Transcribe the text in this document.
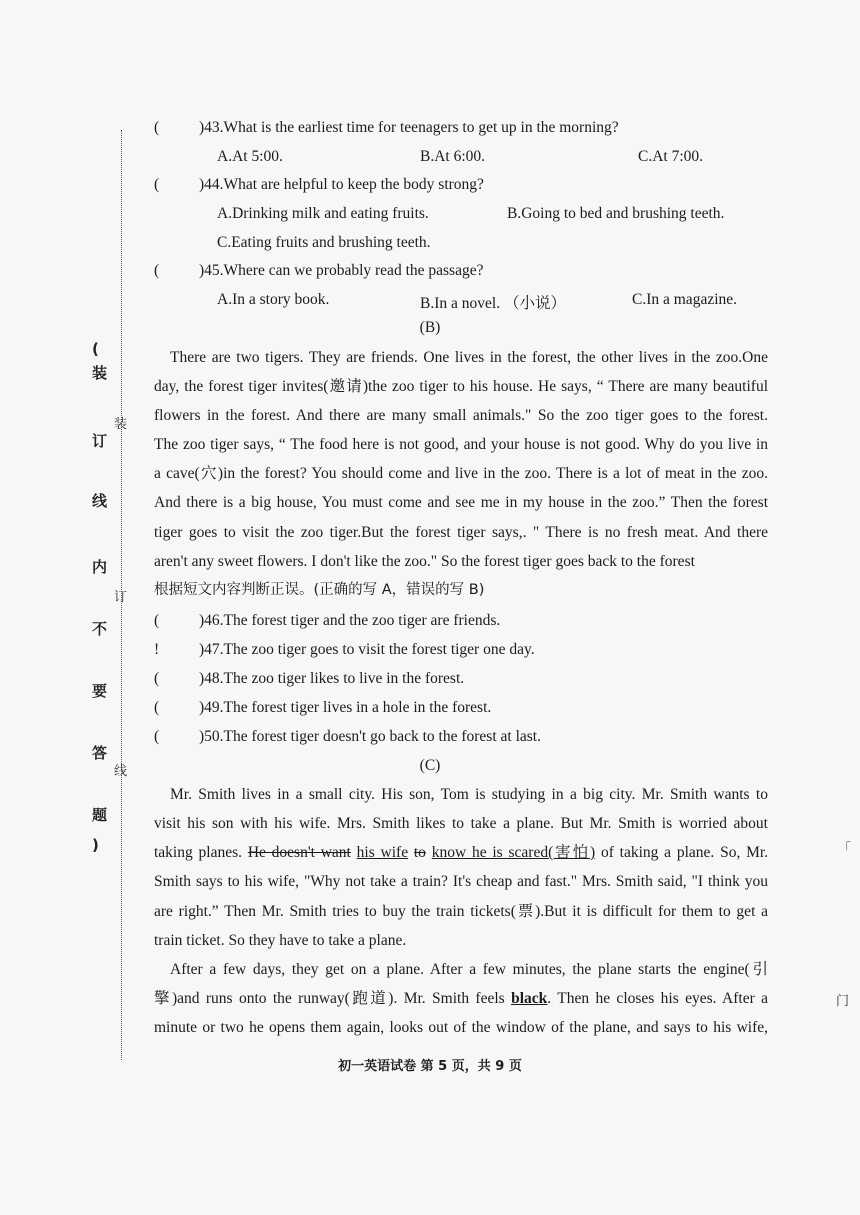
(
装
订
线
内
不
要
答
题
)
装
订
线
(	)43.What is the earliest time for teenagers to get up in the morning?
A.At 5:00.	B.At 6:00.	C.At 7:00.
(	)44.What are helpful to keep the body strong?
A.Drinking milk and eating fruits.	B.Going to bed and brushing teeth.
C.Eating fruits and brushing teeth.
(	)45.Where can we probably read the passage?
A.In a story book.	B.In a novel. （小说）	C.In a magazine.
(B)
There are two tigers. They are friends. One lives in the forest, the other lives in the zoo.One
day, the forest tiger invites(邀请)the zoo tiger to his house. He says, “ There are many beautiful
flowers in the forest. And there are many small animals." So the zoo tiger goes to the forest.
The zoo tiger says, “ The food here is not good, and your house is not good. Why do you live in
a cave(穴)in the forest? You should come and live in the zoo. There is a lot of meat in the zoo.
And there is a big house, You must come and see me in my house in the zoo.” Then the forest
tiger goes to visit the zoo tiger.But the forest tiger says,. " There is no fresh meat. And there
aren't any sweet flowers. I don't like the zoo." So the forest tiger goes back to the forest
根据短文内容判断正误。(正确的写 A，错误的写 B)
(	)46.The forest tiger and the zoo tiger are friends.
!	)47.The zoo tiger goes to visit the forest tiger one day.
(	)48.The zoo tiger likes to live in the forest.
(	)49.The forest tiger lives in a hole in the forest.
(	)50.The forest tiger doesn't go back to the forest at last.
(C)
Mr. Smith lives in a small city. His son, Tom is studying in a big city. Mr. Smith wants to
visit his son with his wife. Mrs. Smith likes to take a plane. But Mr. Smith is worried about
taking planes. He doesn't want his wife to know he is scared(害怕) of taking a plane. So, Mr.
Smith says to his wife, "Why not take a train? It's cheap and fast." Mrs. Smith said, "I think you
are right.” Then Mr. Smith tries to buy the train tickets(票).But it is difficult for them to get a
train ticket. So they have to take a plane.
After a few days, they get on a plane. After a few minutes, the plane starts the engine(引
擎)and runs onto the runway(跑道). Mr. Smith feels black. Then he closes his eyes. After a
minute or two he opens them again, looks out of the window of the plane, and says to his wife,
「
门
初一英语试卷 第 5 页，共 9 页
